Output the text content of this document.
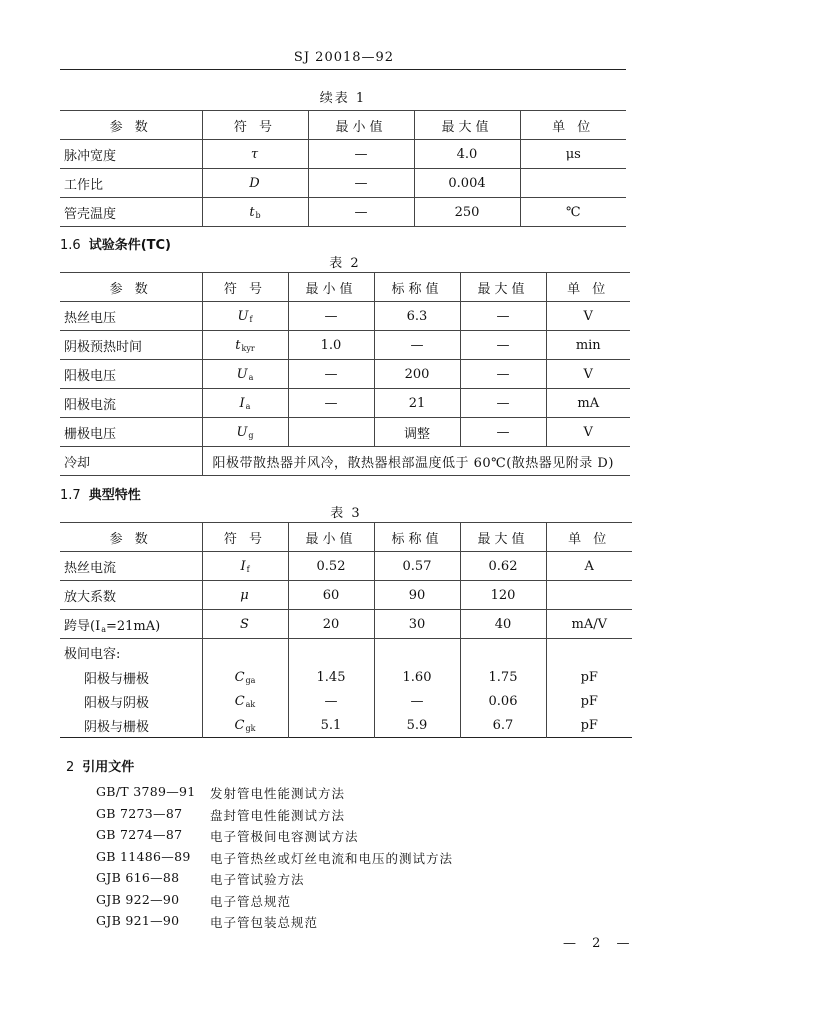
SJ 20018—92
续表 1
参 数	符 号	最小值	最大值	单 位
脉冲宽度	τ	—	4.0	μs
工作比	D	—	0.004	
管壳温度	$t_b$	—	250	℃
1.6 试验条件(TC)
表 2
参 数	符 号	最小值	标称值	最大值	单 位
热丝电压	$U_f$	—	6.3	—	V
阴极预热时间	$t_{kyr}$	1.0	—	—	min
阳极电压	$U_a$	—	200	—	V
阳极电流	$I_a$	—	21	—	mA
栅极电压	$U_g$		调整	—	V
冷却	阳极带散热器并风冷，散热器根部温度低于 60℃(散热器见附录 D)				
1.7 典型特性
表 3
参 数	符 号	最小值	标称值	最大值	单 位
热丝电流	$I_f$	0.52	0.57	0.62	A
放大系数	μ	60	90	120	
跨导$(I_a=21mA)$	S	20	30	40	mA/V
极间电容:					
阳极与栅极	$C_{ga}$	1.45	1.60	1.75	pF
阳极与阴极	$C_{ak}$	—	—	0.06	pF
阴极与栅极	$C_{gk}$	5.1	5.9	6.7	pF
2 引用文件
GB/T 3789—91	发射管电性能测试方法
GB 7273—87	盘封管电性能测试方法
GB 7274—87	电子管极间电容测试方法
GB 11486—89	电子管热丝或灯丝电流和电压的测试方法
GJB 616—88	电子管试验方法
GJB 922—90	电子管总规范
GJB 921—90	电子管包装总规范
— 2 —
